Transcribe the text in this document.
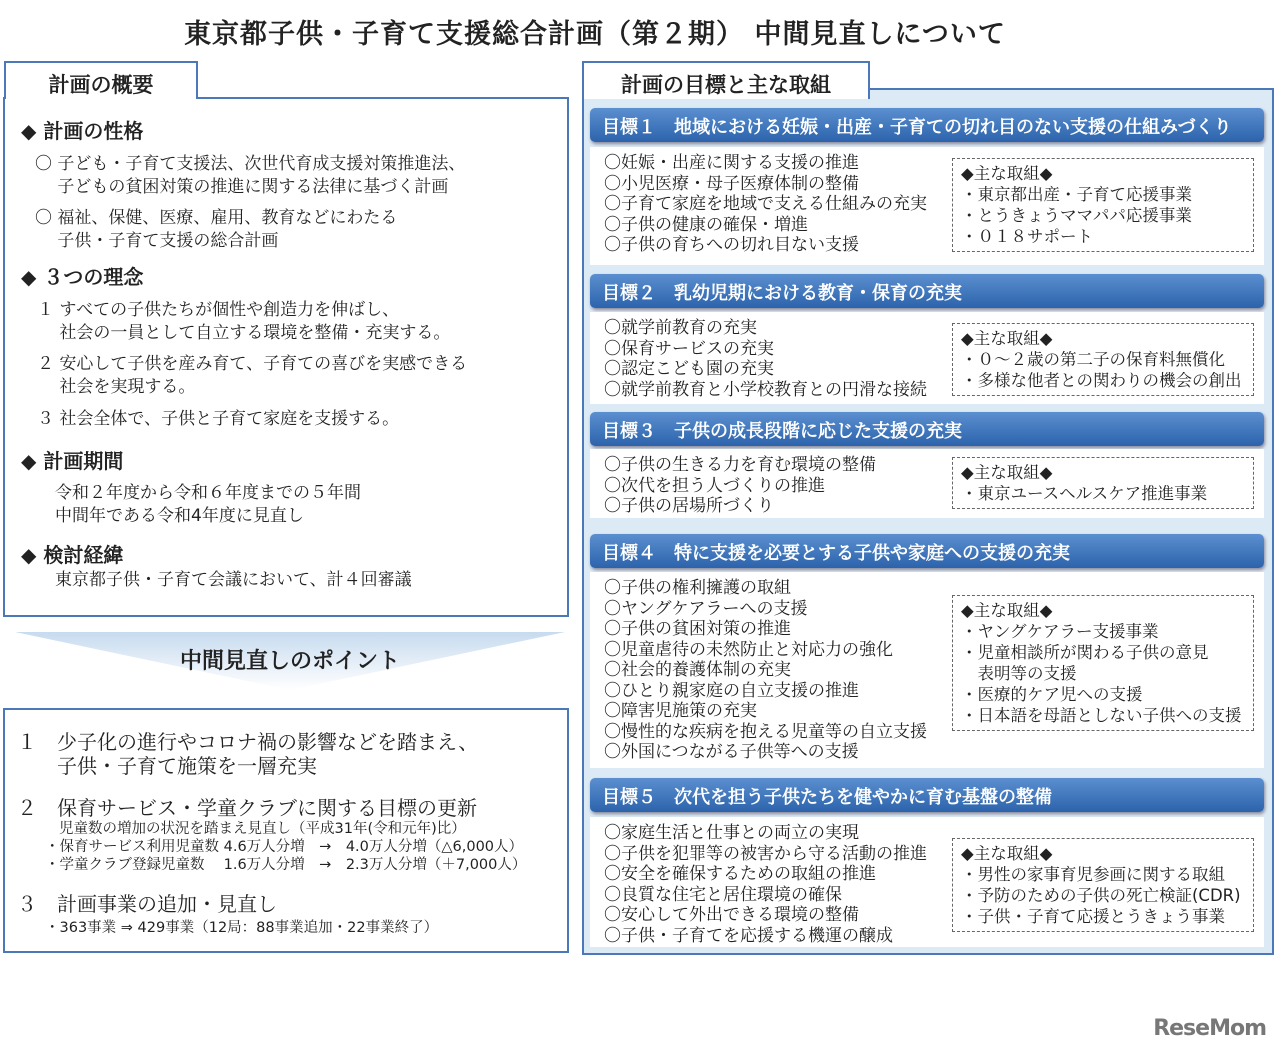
東京都子供・子育て支援総合計画（第２期） 中間見直しについて
計画の概要
◆ 計画の性格
〇 子ども・子育て支援法、次世代育成支援対策推進法、
　 子どもの貧困対策の推進に関する法律に基づく計画
〇 福祉、保健、医療、雇用、教育などにわたる
　 子供・子育て支援の総合計画
◆ ３つの理念
１ すべての子供たちが個性や創造力を伸ばし、
　 社会の一員として自立する環境を整備・充実する。
２ 安心して子供を産み育て、子育ての喜びを実感できる
　 社会を実現する。
３ 社会全体で、子供と子育て家庭を支援する。
◆ 計画期間
令和２年度から令和６年度までの５年間
中間年である令和4年度に見直し
◆ 検討経緯
東京都子供・子育て会議において、計４回審議
中間見直しのポイント
１　少子化の進行やコロナ禍の影響などを踏まえ、
　　子供・子育て施策を一層充実
２　保育サービス・学童クラブに関する目標の更新
児童数の増加の状況を踏まえ見直し（平成31年(令和元年)比）
・保育サービス利用児童数 4.6万人分増　→　4.0万人分増（△6,000人）
・学童クラブ登録児童数　 1.6万人分増　→　2.3万人分増（＋7,000人）
３　計画事業の追加・見直し
・363事業 ⇒ 429事業（12局：88事業追加・22事業終了）
計画の目標と主な取組
目標１　地域における妊娠・出産・子育ての切れ目のない支援の仕組みづくり
〇妊娠・出産に関する支援の推進
〇小児医療・母子医療体制の整備
〇子育て家庭を地域で支える仕組みの充実
〇子供の健康の確保・増進
〇子供の育ちへの切れ目ない支援
◆主な取組◆
・東京都出産・子育て応援事業
・とうきょうママパパ応援事業
・０１８サポート
目標２　乳幼児期における教育・保育の充実
〇就学前教育の充実
〇保育サービスの充実
〇認定こども園の充実
〇就学前教育と小学校教育との円滑な接続
◆主な取組◆
・０～２歳の第二子の保育料無償化
・多様な他者との関わりの機会の創出
目標３　子供の成長段階に応じた支援の充実
〇子供の生きる力を育む環境の整備
〇次代を担う人づくりの推進
〇子供の居場所づくり
◆主な取組◆
・東京ユースヘルスケア推進事業
目標４　特に支援を必要とする子供や家庭への支援の充実
〇子供の権利擁護の取組
〇ヤングケアラーへの支援
〇子供の貧困対策の推進
〇児童虐待の未然防止と対応力の強化
〇社会的養護体制の充実
〇ひとり親家庭の自立支援の推進
〇障害児施策の充実
〇慢性的な疾病を抱える児童等の自立支援
〇外国につながる子供等への支援
◆主な取組◆
・ヤングケアラー支援事業
・児童相談所が関わる子供の意見
　表明等の支援
・医療的ケア児への支援
・日本語を母語としない子供への支援
目標５　次代を担う子供たちを健やかに育む基盤の整備
〇家庭生活と仕事との両立の実現
〇子供を犯罪等の被害から守る活動の推進
〇安全を確保するための取組の推進
〇良質な住宅と居住環境の確保
〇安心して外出できる環境の整備
〇子供・子育てを応援する機運の醸成
◆主な取組◆
・男性の家事育児参画に関する取組
・予防のための子供の死亡検証(CDR)
・子供・子育て応援とうきょう事業
ReseMom
